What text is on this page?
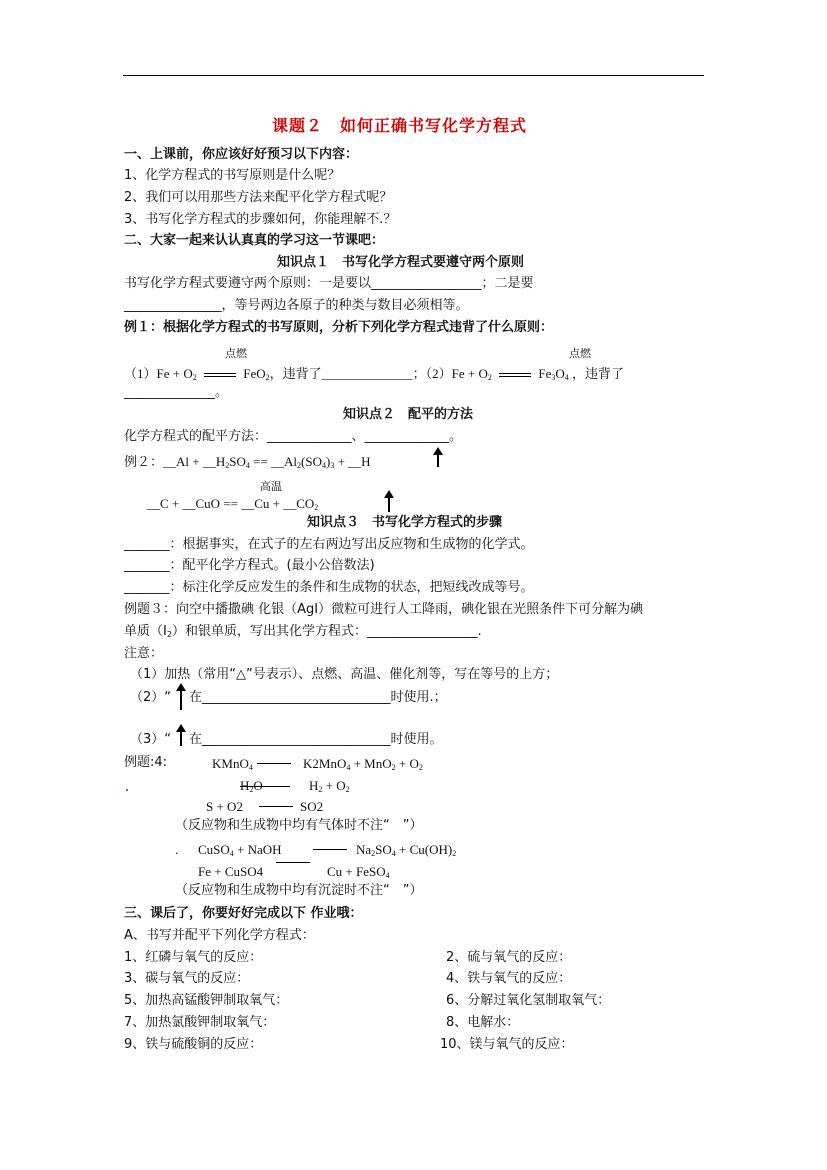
课题２　如何正确书写化学方程式
一、上课前，你应该好好预习以下内容：
1、化学方程式的书写原则是什么呢？
2、我们可以用那些方法来配平化学方程式呢？
3、书写化学方程式的步骤如何，你能理解不.？
二、大家一起来认认真真的学习这一节课吧：
知识点１　书写化学方程式要遵守两个原则
书写化学方程式要遵守两个原则：一是要以_________________；二是要
_______________，等号两边各原子的种类与数目必须相等。
例１：根据化学方程式的书写原则，分析下列化学方程式违背了什么原则：
点燃	点燃
$(1)Fe + O_2$	FeO$_2$，违背了______________；$(2)Fe + O_2$	$Fe_3O_4$ ，违背了
______________。
知识点２　配平的方法
化学方程式的配平方法：_____________、_____________。
例２：__Al + $\_\_H_2SO_4$ == $\_\_Al_2(SO_4)_3$ + __H
高温
__C + __CuO == __Cu + $\_\_CO_2$
知识点３　书写化学方程式的步骤
_______：根据事实，在式子的左右两边写出反应物和生成物的化学式。
_______：配平化学方程式。(最小公倍数法)
_______：标注化学反应发生的条件和生成物的状态，把短线改成等号。
例题３：向空中播撒碘 化银（AgI）微粒可进行人工降雨，碘化银在光照条件下可分解为碘
单质$(I_2)$和银单质，写出其化学方程式：_________________.
注意：
（1）加热（常用“△”号表示）、点燃、高温、催化剂等，写在等号的上方；
（2）“ 在_____________________________时使用.；
（3）“ 在_____________________________时使用。
例题:4:	KMnO$_4$	$K2MnO_4 + MnO_2 + O_2$
$H_2O$	$H_2 + O_2$
S + O2	SO2
（反应物和生成物中均有气体时不注“　”）
. CuSO$_4$ + NaOH	$Na_2SO_4 + Cu(OH)_2$
Fe + CuSO4	Cu + FeSO$_4$
（反应物和生成物中均有沉淀时不注“　”）
三、课后了，你要好好完成以下 作业哦：
A、书写并配平下列化学方程式：
1、红磷与氧气的反应：	2、硫与氧气的反应：
3、碳与氧气的反应：	4、铁与氧气的反应：
5、加热高锰酸钾制取氧气：	6、分解过氧化氢制取氧气：
7、加热氯酸钾制取氧气：	8、电解水：
9、铁与硫酸铜的反应：	10、镁与氧气的反应：
